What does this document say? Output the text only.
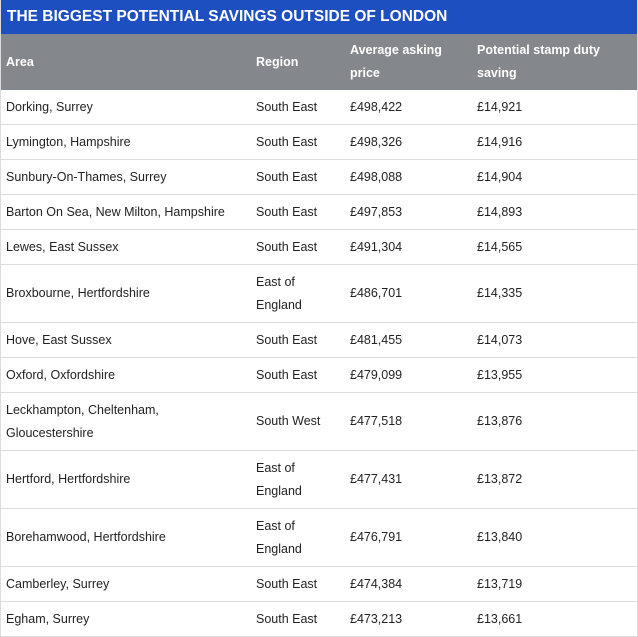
THE BIGGEST POTENTIAL SAVINGS OUTSIDE OF LONDON
Area	Region	Average asking price	Potential stamp duty saving
Dorking, Surrey	South East	£498,422	£14,921
Lymington, Hampshire	South East	£498,326	£14,916
Sunbury-On-Thames, Surrey	South East	£498,088	£14,904
Barton On Sea, New Milton, Hampshire	South East	£497,853	£14,893
Lewes, East Sussex	South East	£491,304	£14,565
Broxbourne, Hertfordshire	East of England	£486,701	£14,335
Hove, East Sussex	South East	£481,455	£14,073
Oxford, Oxfordshire	South East	£479,099	£13,955
Leckhampton, Cheltenham, Gloucestershire	South West	£477,518	£13,876
Hertford, Hertfordshire	East of England	£477,431	£13,872
Borehamwood, Hertfordshire	East of England	£476,791	£13,840
Camberley, Surrey	South East	£474,384	£13,719
Egham, Surrey	South East	£473,213	£13,661
